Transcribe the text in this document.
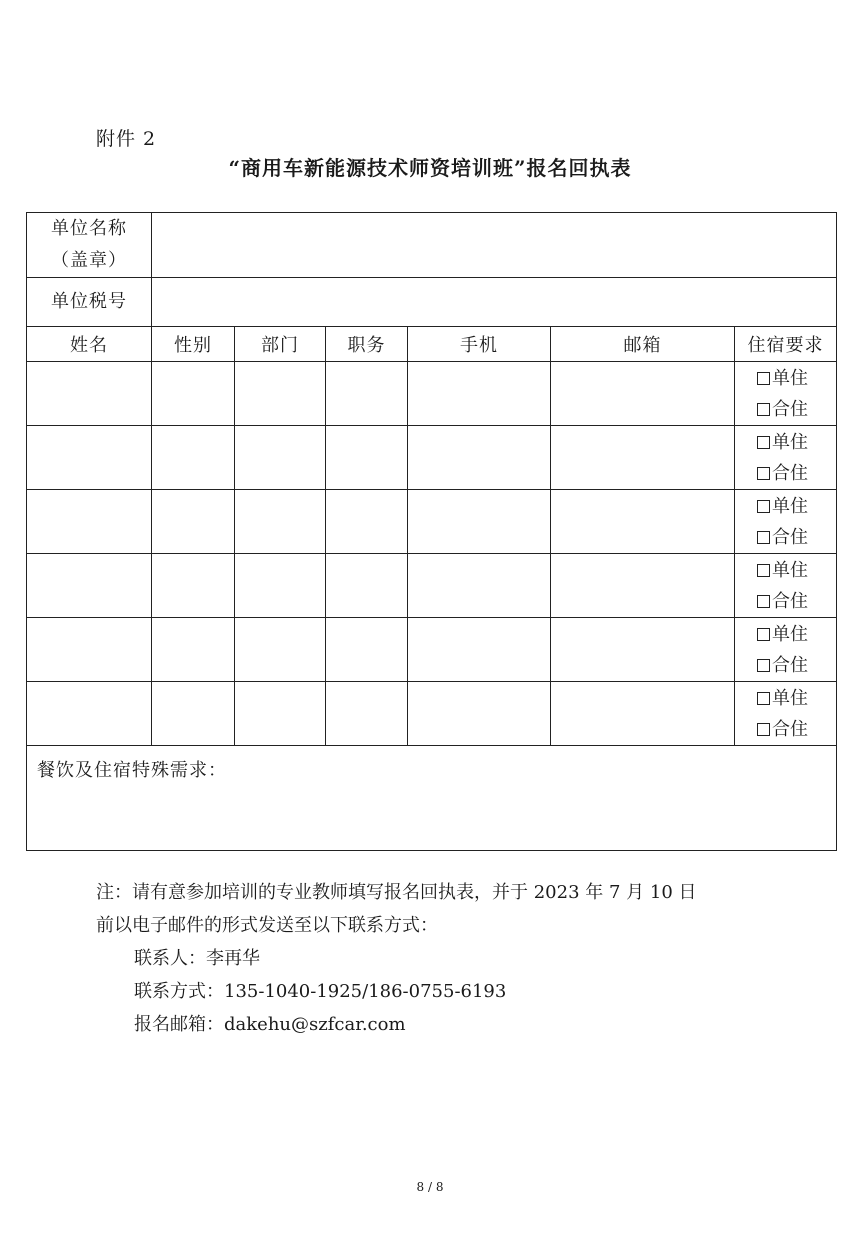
附件 2
“商用车新能源技术师资培训班”报名回执表
单位名称
（盖章）						

单位税号						
姓名	性别	部门	职务	手机	邮箱	住宿要求

						单住
合住

						单住
合住

						单住
合住

						单住
合住

						单住
合住

						单住
合住

餐饮及住宿特殊需求：						
注：请有意参加培训的专业教师填写报名回执表，并于 2023 年 7 月 10 日
前以电子邮件的形式发送至以下联系方式：
联系人：李再华
联系方式：135-1040-1925/186-0755-6193
报名邮箱：dakehu@szfcar.com
8 / 8
